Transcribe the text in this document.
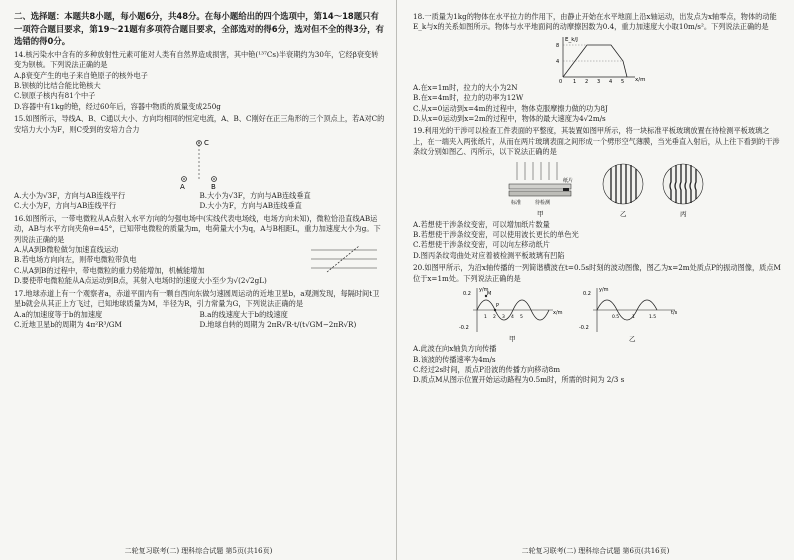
二、选择题：本题共8小题，每小题6分，共48分。在每小题给出的四个选项中，第14～18题只有一项符合题目要求，第19～21题有多项符合题目要求，全部选对的得6分，选对但不全的得3分，有选错的得0分。
14.核污染水中含有的多种放射性元素可能对人类有自然界造成损害，其中铯(¹³⁷Cs)半衰期约为30年，它经β衰变转变为钡核。下列说法正确的是
A.β衰变产生的电子来自铯原子的核外电子
B.钡核的比结合能比铯核大
C.钡原子核内有81个中子
D.容器中有1kg的铯，经过60年后，容器中物质的质量变成250g
15.如图所示，导线A、B、C通以大小、方向均相同的恒定电流，A、B、C刚好在正三角形的三个顶点上，若A对C的安培力大小为F，则C受到的安培力合力
C
A	B
A.大小为√3F，方向与AB连线平行	B.大小为√3F，方向与AB连线垂直
C.大小为F，方向与AB连线平行	D.大小为F，方向与AB连线垂直
16.如图所示，一带电微粒从A点射入水平方向的匀强电场中(实线代表电场线，电场方向未知)，微粒恰沿直线AB运动，AB与水平方向夹角θ=45°，已知带电微粒的质量为m，电荷量大小为q，A与B相距L，重力加速度大小为g。下列说法正确的是
A.从A到B微粒做匀加速直线运动
B.若电场方向向左，则带电微粒带负电
C.从A到B的过程中，带电微粒的重力势能增加，机械能增加
D.要使带电微粒能从A点运动到B点，其射入电场时的速度大小至少为√(2√2gL)
17.地球赤道上有一个观察者a，赤道平面内有一颗自西向东做匀速圆周运动的近地卫星b，a观测发现，每隔时间t卫星b就会从其正上方飞过，已知地球质量为M，半径为R，引力常量为G，下列说法正确的是
A.a的加速度等于b的加速度	B.a的线速度大于b的线速度
C.近地卫星b的周期为 4π²R³/GM	D.地球自转的周期为 2πR√R·t/(t√GM−2πR√R)
二轮复习联考(二) 理科综合试题 第5页(共16页)
18.一质量为1kg的物体在水平拉力的作用下，由静止开始在水平地面上沿x轴运动，出发点为x轴零点，物体的动能E_k与x的关系如图所示。物体与水平地面间的动摩擦因数为0.4，重力加速度大小取10m/s²。下列说法正确的是
E_k/J
x/m
4
8
0 1 2 3 4 5
A.在x=1m时，拉力的大小为2N
B.在x=4m时，拉力的功率为12W
C.从x=0运动到x=4m的过程中，物体克服摩擦力做的功为8J
D.从x=0运动到x=2m的过程中，物体的最大速度为4√2m/s
19.利用光的干涉可以检查工件表面的平整度，其装置如图甲所示，将一块标准平板玻璃放置在待检测平板玻璃之上，在一端夹入两张纸片，从而在两片玻璃表面之间形成一个劈形空气薄膜，当光垂直入射后，从上往下看到的干涉条纹分别如图乙、丙所示，以下说法正确的是
纸片
标准	待检测
甲	乙	丙
A.若想使干涉条纹变密，可以增加纸片数量
B.若想使干涉条纹变密，可以使用波长更长的单色光
C.若想使干涉条纹变密，可以向左移动纸片
D.图丙条纹弯曲处对应着被检测平板玻璃有凹陷
20.如图甲所示，为沿x轴传播的一列简谐横波在t=0.5s时刻的波动图像，图乙为x=2m处质点P的振动图像，质点M位于x=1m处。下列说法正确的是
y/m
x/m
0.2
-0.2
1 2 3 4 5
M
P
甲
y/m
t/s
0.2
-0.2
0.5	1	1.5
乙
A.此波在向x轴负方向传播
B.该波的传播速率为4m/s
C.经过2s时间，质点P沿波的传播方向移动8m
D.质点M从图示位置开始运动路程为0.5m时，所需的时间为 2/3 s
二轮复习联考(二) 理科综合试题 第6页(共16页)
